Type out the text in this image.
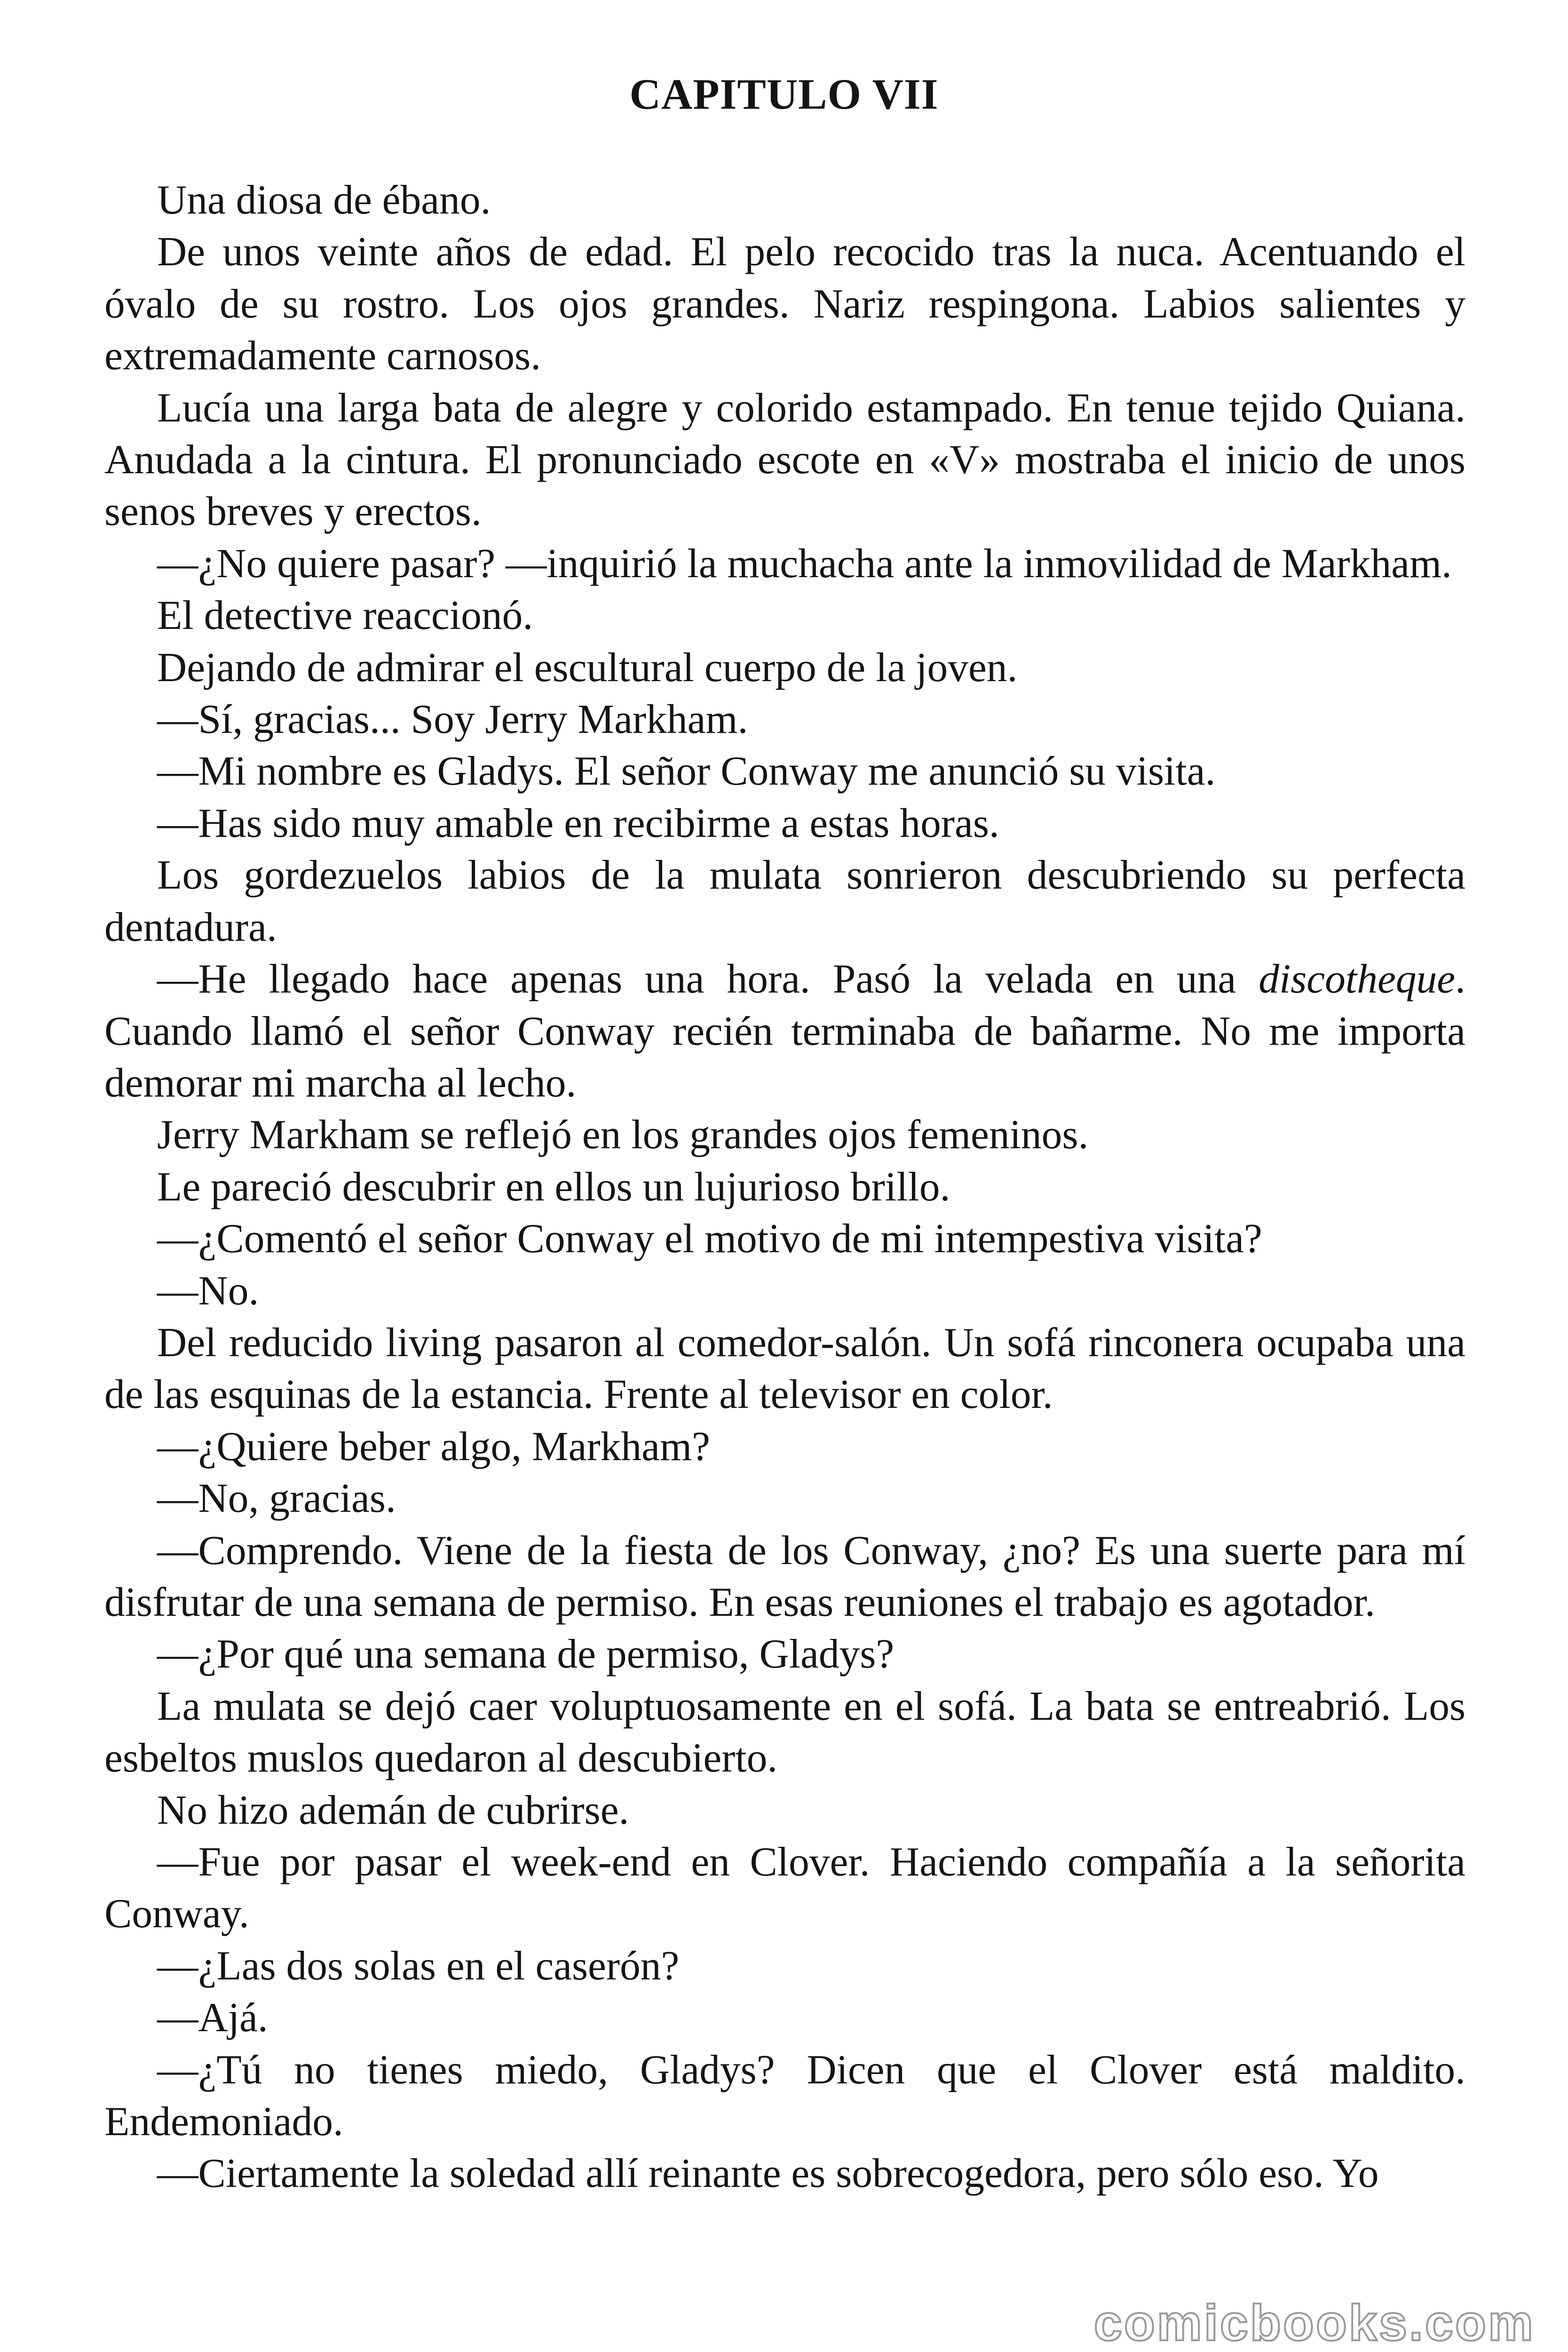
CAPITULO VII

Una diosa de ébano.

De unos veinte años de edad. El pelo recocido tras la nuca. Acentuando el óvalo de su rostro. Los ojos grandes. Nariz respingona. Labios salientes y extremadamente carnosos.

Lucía una larga bata de alegre y colorido estampado. En tenue tejido Quiana. Anudada a la cintura. El pronunciado escote en «V» mostraba el inicio de unos senos breves y erectos.

—¿No quiere pasar? —inquirió la muchacha ante la inmovilidad de Markham.

El detective reaccionó.

Dejando de admirar el escultural cuerpo de la joven.

—Sí, gracias... Soy Jerry Markham.

—Mi nombre es Gladys. El señor Conway me anunció su visita.

—Has sido muy amable en recibirme a estas horas.

Los gordezuelos labios de la mulata sonrieron descubriendo su perfecta dentadura.

—He llegado hace apenas una hora. Pasó la velada en una discotheque. Cuando llamó el señor Conway recién terminaba de bañarme. No me importa demorar mi marcha al lecho.

Jerry Markham se reflejó en los grandes ojos femeninos.

Le pareció descubrir en ellos un lujurioso brillo.

—¿Comentó el señor Conway el motivo de mi intempestiva visita?

—No.

Del reducido living pasaron al comedor-salón. Un sofá rinconera ocupaba una de las esquinas de la estancia. Frente al televisor en color.

—¿Quiere beber algo, Markham?

—No, gracias.

—Comprendo. Viene de la fiesta de los Conway, ¿no? Es una suerte para mí disfrutar de una semana de permiso. En esas reuniones el trabajo es agotador.

—¿Por qué una semana de permiso, Gladys?

La mulata se dejó caer voluptuosamente en el sofá. La bata se entreabrió. Los esbeltos muslos quedaron al descubierto.

No hizo ademán de cubrirse.

—Fue por pasar el week-end en Clover. Haciendo compañía a la señorita Conway.

—¿Las dos solas en el caserón?

—Ajá.

—¿Tú no tienes miedo, Gladys? Dicen que el Clover está maldito. Endemoniado.

—Ciertamente la soledad allí reinante es sobrecogedora, pero sólo eso. Yo

comicbooks.com
